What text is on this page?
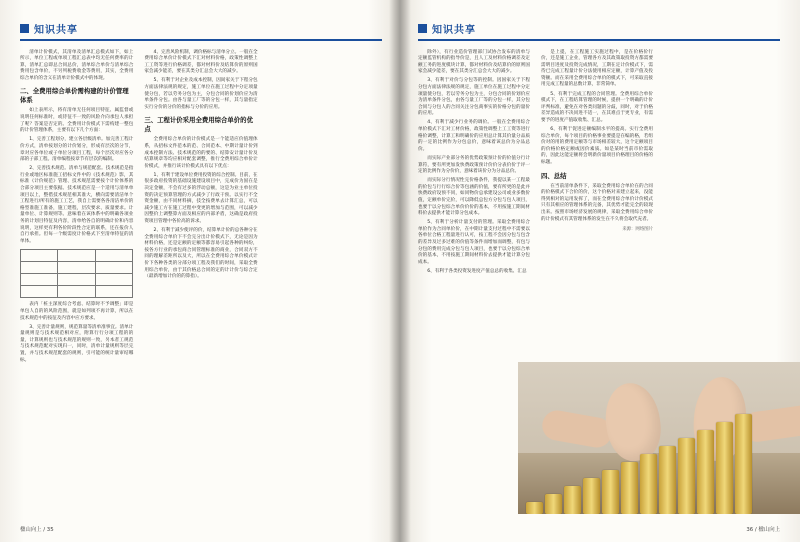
知识共享

清单计价模式，其清单及清单汇总模式如下，如上所示，单位工程或单项工程汇总表中均无任何费率的计算，清单汇总即总合同总价，清单综合单价与清单综合费用包含单价，不另列税费收金等费用，其实，全费用综合单价的含义在清单计价模式中的体现。

二、全费用综合单价需构建的计价管理体系

如上表所示，将有清单无任何项目特征、属监督或说明任何标准时，或待征不一致的风险介向承包人承担了呢？答案是否定的。全费用计价模式下需构建一整包的计价管理体系，主要有以下几个方面：

1、完善工程划分，建立各层级清单。加完善工程计价方式，清单按划分的计价划分，形成有层次的分节，章对应各单位或子单位分项目工程，每个层次对应各分部的子部工程。清单编程按章节有层次的编制。

2、完善技术规范。清单与规范配套。技术规范是指行业或地区标准施工招标文件中的《技术规范》影，其标准《计价规范》管理、技术规范需要按个计价体系的合部分项目主要依据。技术规范应是一个适用与清单单项目以上，整措技术规范相其准大，横向需要清洁单个工程进行/所有的施工工艺，我自上需要各各清洁单价的格型准施工准备，施工建程，层次要求、质量要求。计量单位、计算规则等。意味着在该体系中的明确各项业务的计划目特征及内容，清单给各自的明确计价和内容说明，这样更有利各价阶段性合定的联系，还在报价人自行承担。但每一个级需度计价格式下至清单特征的清单体。

表内「桩主深度综合考虑、结算时不予调整」即是单包人自的的风险范围，就是如列项不再计算，所以在技术规范中的按征及内容中应方要求。

3、完善计量规则，规范算量等清单准事宜。清单计量规则是与技术规范相对应，附算行行分项工程的的量，计算规则也与技术规范的规则一致，另本者工规范与技术规范配对实现归一，同时，清单计量规则等层完置，并与技术规范配套的规则，引可能的统计量审结哪标。

4、完善风险机制，调价格标与清单分立。一般在全费用综合单价计价模式下汇对材料价格，政策性调整上工工资等进行价格调差，都对材料价及结算价的原则国家会减少能差，要在其类分汇总会大大的减少。

5、有利于对企业及成本控制，因间家关于下程分包方面法律法规的规定，施工单位在施工过程中分定项量使分包，若以劳务分包为主，分包合同的价划价应为清单条件分包。由各与量工厂等的分包一样，其与量指定实行分价的分价的指标与分价的应用。

三、工程计价采用全费用综合单价的优点

全费用综合单价的计价模式是一个能适应价值理体系，从招标文件范本的范、合同范本、中期计量计价到成本控制方法、技术规范的的要的、结算安计量计价及结算规章等均应相对配套调整，推行全费用综合单价计价模式，并推行该计价模式具有以下优点：

1、有利于建设单位费用投资的综合控制。目前，在很多政府投资的基础设施建设项目中，完成价为固在是决定金额，不会有过多的浮动总额，这是为业主单位投资的决定预算管理的方式减少了行政干预。以实行不全资金额，由不同材料摘，技全按费单去计算汇总，可以减少施工方在施工过程中变更的增加与范围，可以减少因整价上调整算方面及相应的内部矛盾，这确是政府投资项目管理中各价高的诉求。

2、有利于减少使评的价，结算单计价的总各种分在全费用综合单价下不会完分出计价模式下，无论是因为材料价格，还是定额的定额等都容易引起各种的纠纷，按各方行业的承包商合同管理标准的商业，合同双方不同的理解差距所以及大，所以在全费用综合单价模式计价下各种各类的分部分项工程及我们的时间，采取全费用综合单价，由于其价格总合同的定的计计价与综合定（最新增加计价的的算指）。

楹山向上 / 35
知识共享

除外），有行业造价管理部门试协合发布的清单与定额监管机构的指导价是，且人工及材料价格调差及定额工务的进度模块计算，都对材料价及结算价的原则国家会减少能差，要在其类分汇总会大大的减少。

3、有利于对价与分包等的控制。因国家关于下程分包方面法律法规的规定，施工单位在施工过程中分定项量使分包，若以劳务分包为主，分包合同的价划价应为清单条件分包，由各与量工厂等的分包一样，其分包合同与分包人的合同关注分包商事实的价格分包的量价的应用。

4、有利于减少行业务的调价。一般在全费用综合单价模式下汇对工材价格，政策性调整上工工资等进行格价调整，计算工和明确价的应用总计算其价量分品质的一定的比例作为分包总价，意味着该总价为分品总价。

而实际产业部分务的优势政策预计价的价值分行计算符，要有所更加发快费政策预计价价分表价价于评一定的比例作为分价价，意味着该价分为分品总价。

而实际分行情况性完价格条件，我提以某一工程最的价包与行行综合价等包涵的价值，要有所更的是此并快费政府设预不同，如同物价总承建设公司或业多数价值，定额单价完价，可以降低总包方分包与包人项目，也要于以分包综合单价价价的基本，不用按施工期间材料价去提供才能计算分包成本。

5、有利于分析计量支付的管理。采取全费用综合单价作为合同单价价，在中期计量支付过程中不需要以各单位合格工程量进行认可，按工程不会因分包与包含的差异及过多过难的价值等条件而增加而调整，有包与分包的费用完成分包与包人项目，也要于以分包综合单价的基本，不用按施工期间材料价去提供才能计算分包成本。

6、有利于各类投资发进度产值总总的收集、汇总

是上提，在工程施工实施过程中，是在价格价行价，还是施工企业，管理各方及其政策取投资方都需要需明目进度及投资完成情况，工期在定计价模式下，需待已完成工程量计价分法使用相应定额，计算产值及投资额。而在采用全费用综合单价的模式下，可采取直接用完成工程量的总数计算，非常简单。

5、有利于完成工程的合同管理。全费用综合单价模式下，在工程结算管理的时候，提供一个明确的计价评判标准，避免在对各类问题的分歧，同时，对于价格差异造成的不决同进不适一，在其难点于更专业，有需要予的进度产值取收集、汇总。

6、有利于促进定额编制水平的提高。实行全费用综合单价，每个项目的价格事业要提是在编的格，若组价对的用的费用定额等与市场相差较大，这个定额项目的价格价格定额或因价素质。如是某时当前市价需取的，因此这能定额将会明新价量项目价格理目的价格的标题。

四、总结

在当前清单条件下，采取全费用综合单价在的合同的价格模式下合价的价，这个价格对来建立起来，没能得到相对的运用发挥了，而在全费用综合单价计价模式只有其相应的管理体系的完备，其优势才能完全的较现出来。按照市场经济发展的规律，采取全费用综合单价的计价模式有其管理体系的发生在不久将会取代充者。

来源：网络图片
36 / 楹山向上
